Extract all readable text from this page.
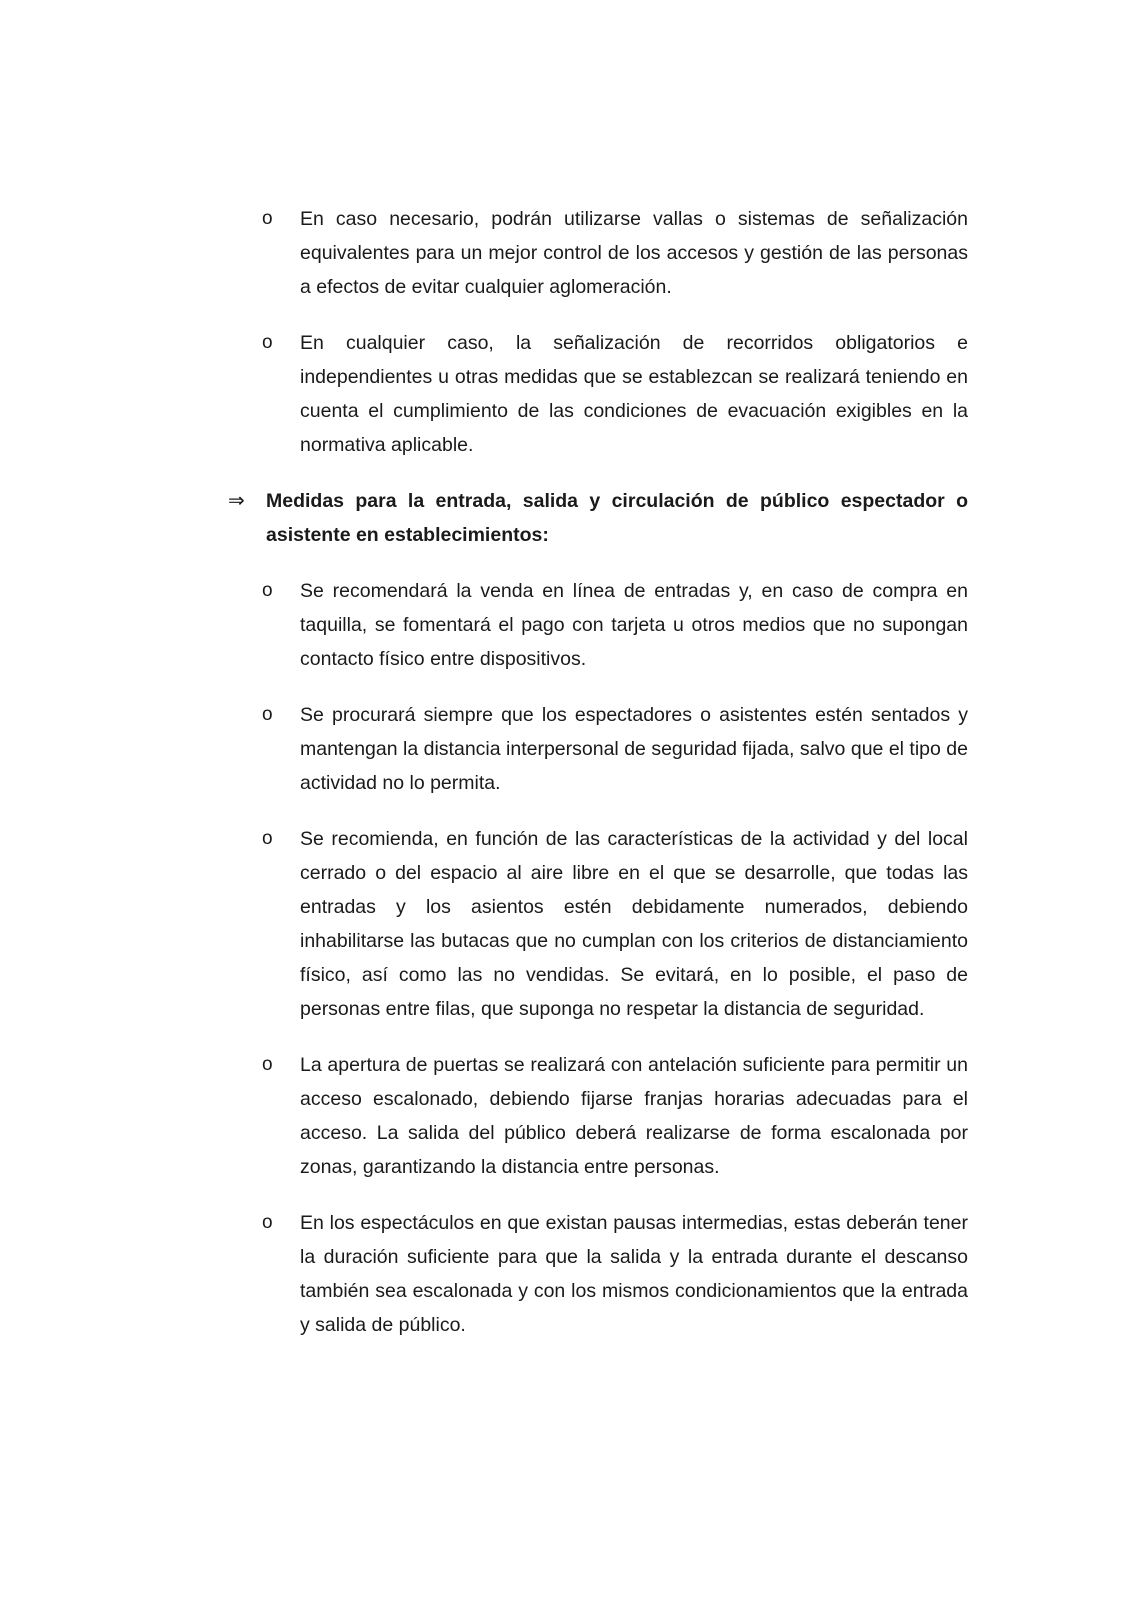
o En caso necesario, podrán utilizarse vallas o sistemas de señalización equivalentes para un mejor control de los accesos y gestión de las personas a efectos de evitar cualquier aglomeración.

o En cualquier caso, la señalización de recorridos obligatorios e independientes u otras medidas que se establezcan se realizará teniendo en cuenta el cumplimiento de las condiciones de evacuación exigibles en la normativa aplicable.

⇒ Medidas para la entrada, salida y circulación de público espectador o asistente en establecimientos:

o Se recomendará la venda en línea de entradas y, en caso de compra en taquilla, se fomentará el pago con tarjeta u otros medios que no supongan contacto físico entre dispositivos.

o Se procurará siempre que los espectadores o asistentes estén sentados y mantengan la distancia interpersonal de seguridad fijada, salvo que el tipo de actividad no lo permita.

o Se recomienda, en función de las características de la actividad y del local cerrado o del espacio al aire libre en el que se desarrolle, que todas las entradas y los asientos estén debidamente numerados, debiendo inhabilitarse las butacas que no cumplan con los criterios de distanciamiento físico, así como las no vendidas. Se evitará, en lo posible, el paso de personas entre filas, que suponga no respetar la distancia de seguridad.

o La apertura de puertas se realizará con antelación suficiente para permitir un acceso escalonado, debiendo fijarse franjas horarias adecuadas para el acceso. La salida del público deberá realizarse de forma escalonada por zonas, garantizando la distancia entre personas.

o En los espectáculos en que existan pausas intermedias, estas deberán tener la duración suficiente para que la salida y la entrada durante el descanso también sea escalonada y con los mismos condicionamientos que la entrada y salida de público.
